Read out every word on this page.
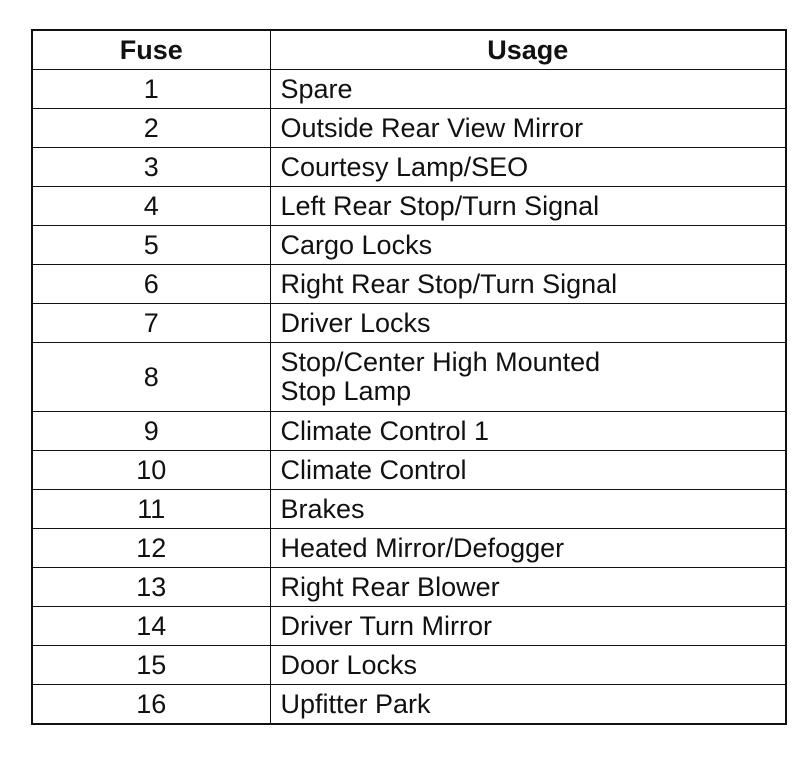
Fuse	Usage
1	Spare

2	Outside Rear View Mirror

3	Courtesy Lamp/SEO

4	Left Rear Stop/Turn Signal

5	Cargo Locks

6	Right Rear Stop/Turn Signal

7	Driver Locks

8	Stop/Center High Mounted
Stop Lamp

9	Climate Control 1

10	Climate Control

11	Brakes

12	Heated Mirror/Defogger

13	Right Rear Blower

14	Driver Turn Mirror

15	Door Locks

16	Upfitter Park
